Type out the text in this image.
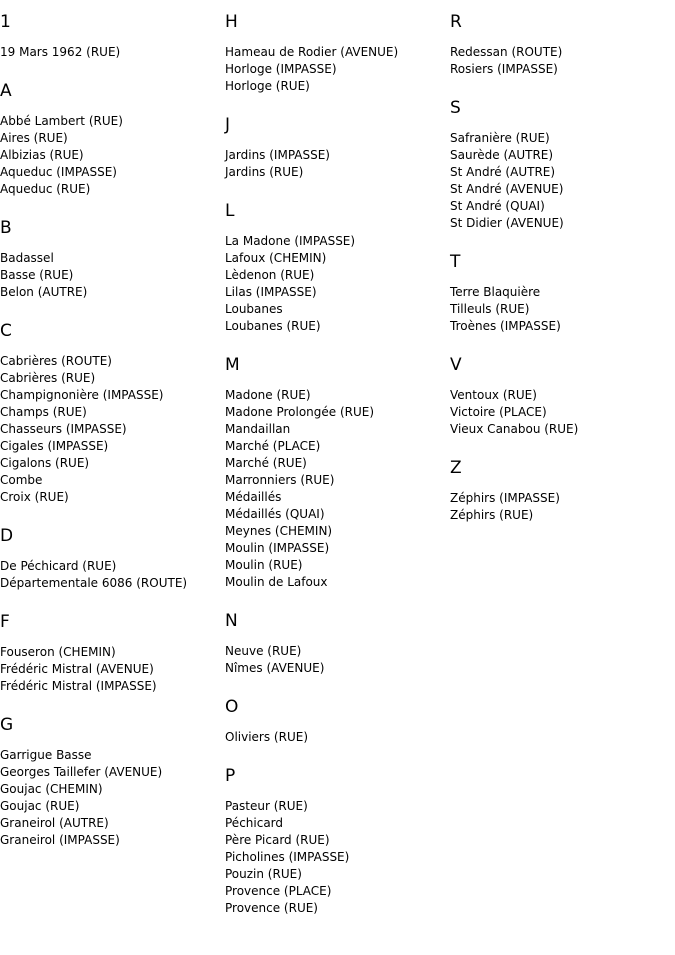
1
19 Mars 1962 (RUE)
A
Abbé Lambert (RUE)
Aires (RUE)
Albizias (RUE)
Aqueduc (IMPASSE)
Aqueduc (RUE)
B
Badassel
Basse (RUE)
Belon (AUTRE)
C
Cabrières (ROUTE)
Cabrières (RUE)
Champignonière (IMPASSE)
Champs (RUE)
Chasseurs (IMPASSE)
Cigales (IMPASSE)
Cigalons (RUE)
Combe
Croix (RUE)
D
De Péchicard (RUE)
Départementale 6086 (ROUTE)
F
Fouseron (CHEMIN)
Frédéric Mistral (AVENUE)
Frédéric Mistral (IMPASSE)
G
Garrigue Basse
Georges Taillefer (AVENUE)
Goujac (CHEMIN)
Goujac (RUE)
Graneirol (AUTRE)
Graneirol (IMPASSE)
H
Hameau de Rodier (AVENUE)
Horloge (IMPASSE)
Horloge (RUE)
J
Jardins (IMPASSE)
Jardins (RUE)
L
La Madone (IMPASSE)
Lafoux (CHEMIN)
Lèdenon (RUE)
Lilas (IMPASSE)
Loubanes
Loubanes (RUE)
M
Madone (RUE)
Madone Prolongée (RUE)
Mandaillan
Marché (PLACE)
Marché (RUE)
Marronniers (RUE)
Médaillés
Médaillés (QUAI)
Meynes (CHEMIN)
Moulin (IMPASSE)
Moulin (RUE)
Moulin de Lafoux
N
Neuve (RUE)
Nîmes (AVENUE)
O
Oliviers (RUE)
P
Pasteur (RUE)
Péchicard
Père Picard (RUE)
Picholines (IMPASSE)
Pouzin (RUE)
Provence (PLACE)
Provence (RUE)
R
Redessan (ROUTE)
Rosiers (IMPASSE)
S
Safranière (RUE)
Saurède (AUTRE)
St André (AUTRE)
St André (AVENUE)
St André (QUAI)
St Didier (AVENUE)
T
Terre Blaquière
Tilleuls (RUE)
Troènes (IMPASSE)
V
Ventoux (RUE)
Victoire (PLACE)
Vieux Canabou (RUE)
Z
Zéphirs (IMPASSE)
Zéphirs (RUE)
